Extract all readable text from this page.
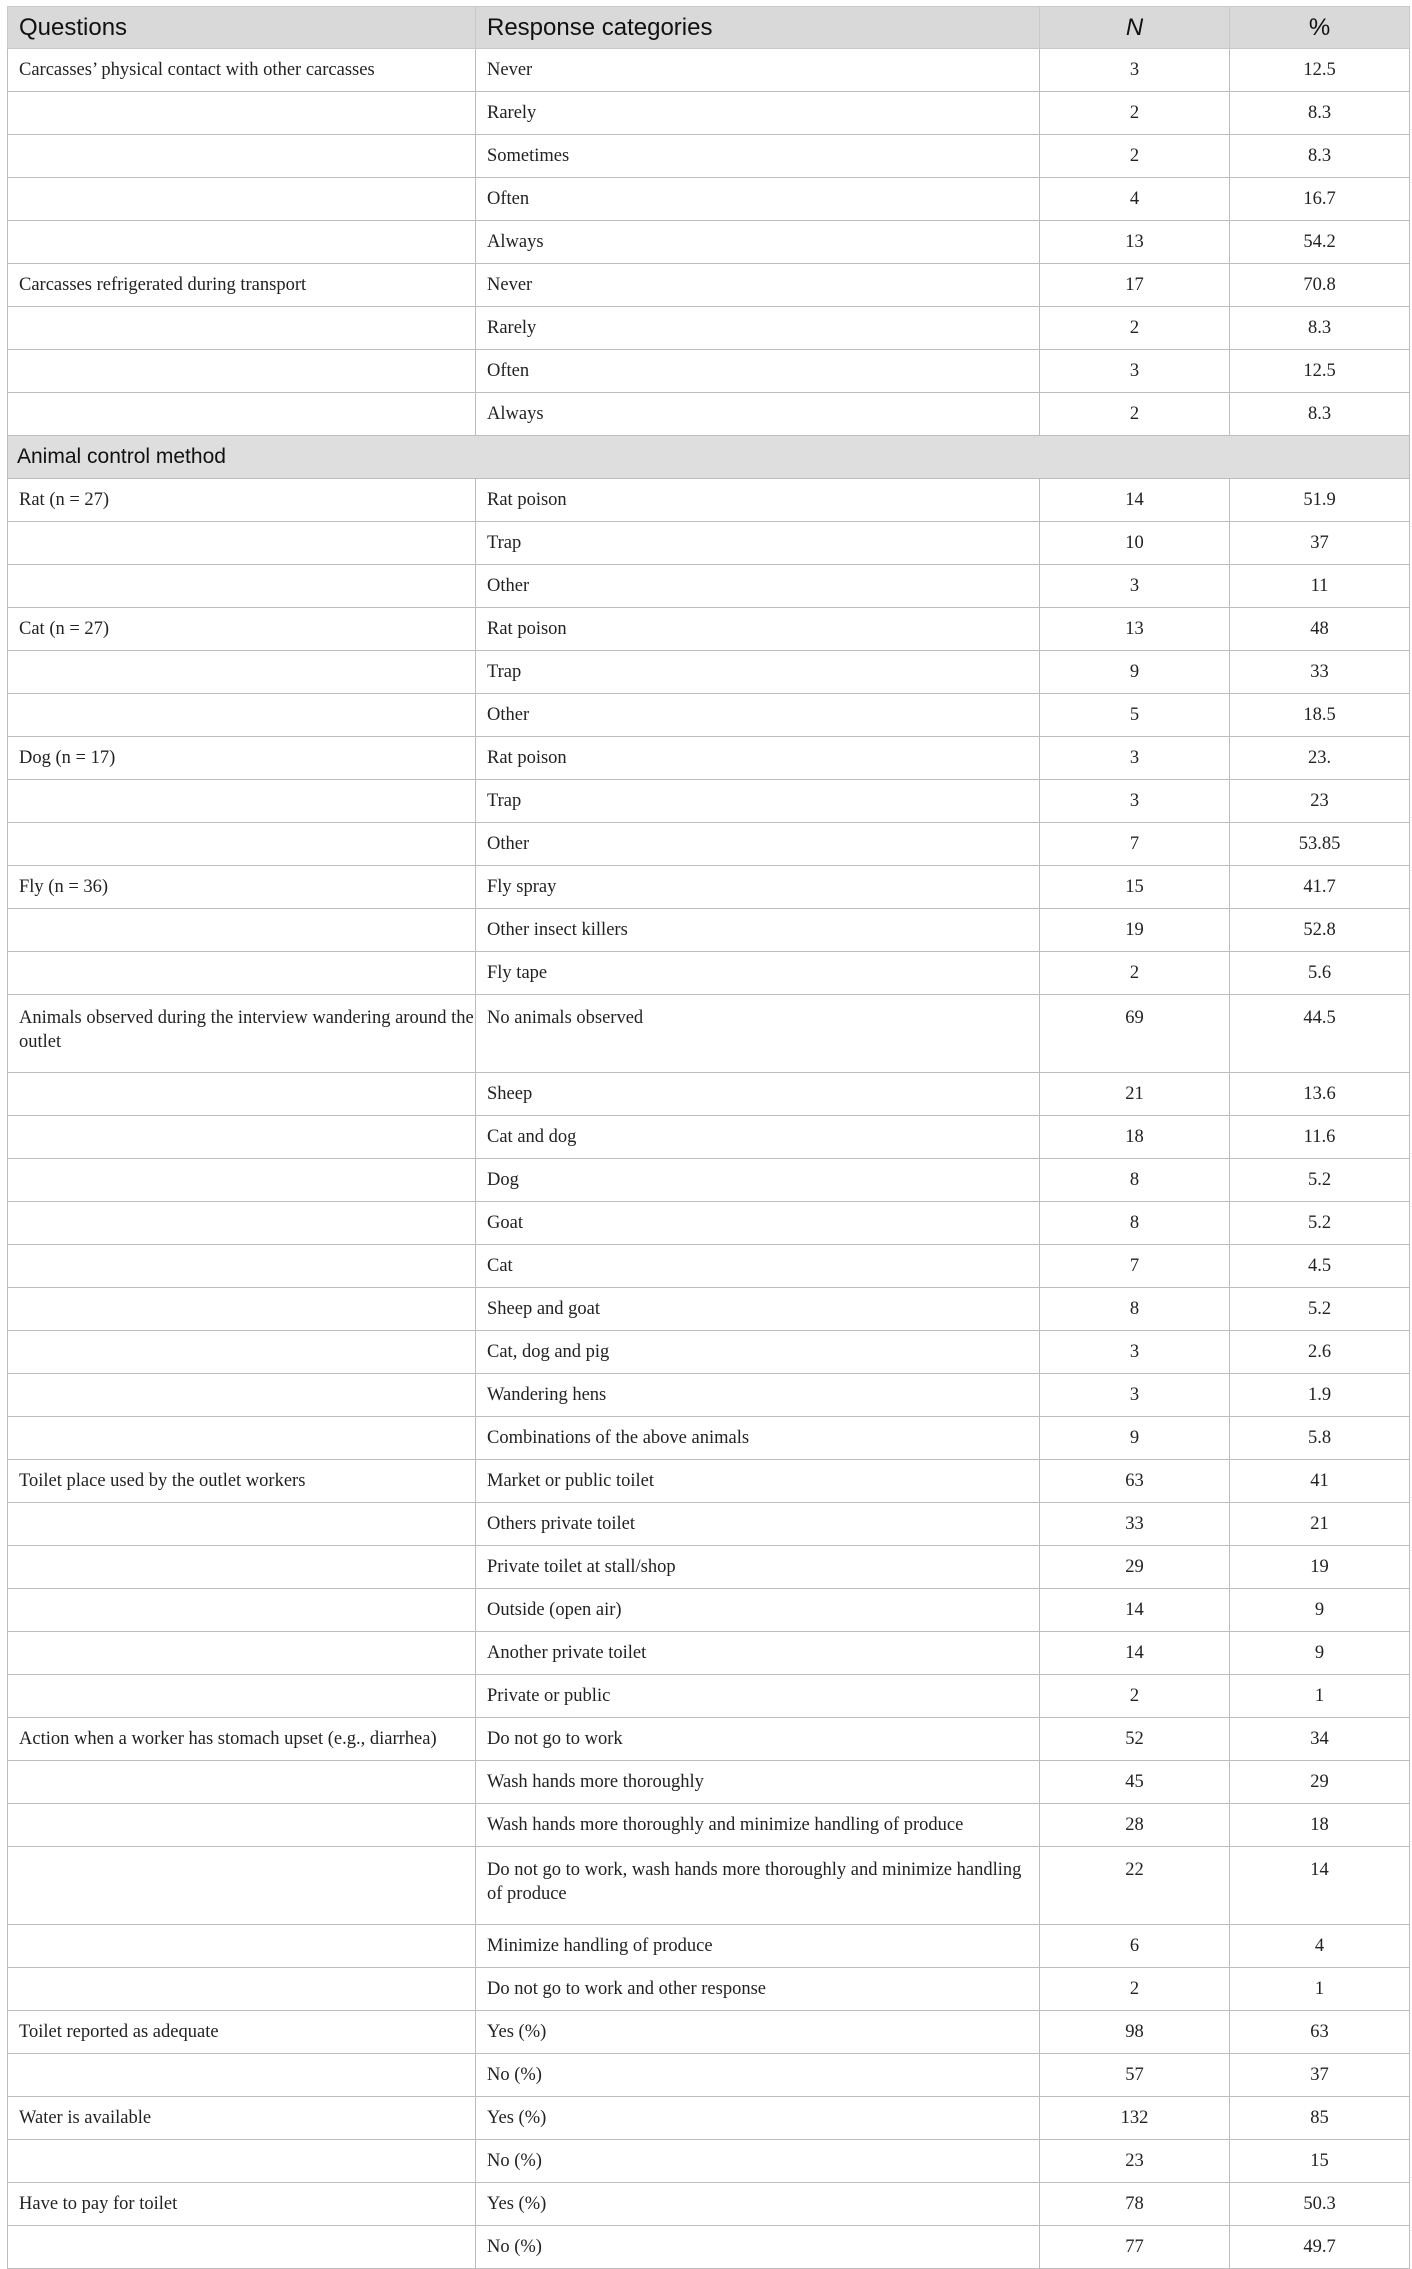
Questions	Response categories	N	%
Carcasses’ physical contact with other carcasses	Never	3	12.5
	Rarely	2	8.3
	Sometimes	2	8.3
	Often	4	16.7
	Always	13	54.2
Carcasses refrigerated during transport	Never	17	70.8
	Rarely	2	8.3
	Often	3	12.5
	Always	2	8.3
Animal control method			
Rat (n = 27)	Rat poison	14	51.9
	Trap	10	37
	Other	3	11
Cat (n = 27)	Rat poison	13	48
	Trap	9	33
	Other	5	18.5
Dog (n = 17)	Rat poison	3	23.
	Trap	3	23
	Other	7	53.85
Fly (n = 36)	Fly spray	15	41.7
	Other insect killers	19	52.8
	Fly tape	2	5.6
Animals observed during the interview wandering around the outlet	No animals observed	69	44.5
	Sheep	21	13.6
	Cat and dog	18	11.6
	Dog	8	5.2
	Goat	8	5.2
	Cat	7	4.5
	Sheep and goat	8	5.2
	Cat, dog and pig	3	2.6
	Wandering hens	3	1.9
	Combinations of the above animals	9	5.8
Toilet place used by the outlet workers	Market or public toilet	63	41
	Others private toilet	33	21
	Private toilet at stall/shop	29	19
	Outside (open air)	14	9
	Another private toilet	14	9
	Private or public	2	1
Action when a worker has stomach upset (e.g., diarrhea)	Do not go to work	52	34
	Wash hands more thoroughly	45	29
	Wash hands more thoroughly and minimize handling of produce	28	18
	Do not go to work, wash hands more thoroughly and minimize handling of produce	22	14
	Minimize handling of produce	6	4
	Do not go to work and other response	2	1
Toilet reported as adequate	Yes (%)	98	63
	No (%)	57	37
Water is available	Yes (%)	132	85
	No (%)	23	15
Have to pay for toilet	Yes (%)	78	50.3
	No (%)	77	49.7
